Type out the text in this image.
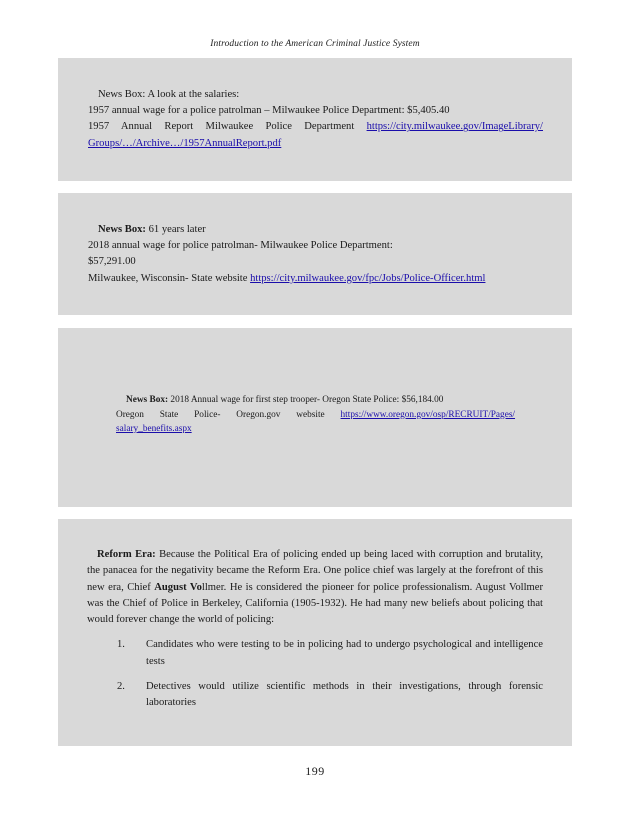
Introduction to the American Criminal Justice System
News Box: A look at the salaries:
1957 annual wage for a police patrolman – Milwaukee Police Department: $5,405.40
1957 Annual Report Milwaukee Police Department https://city.milwaukee.gov/ImageLibrary/
Groups/…/Archive…/1957AnnualReport.pdf
News Box: 61 years later
2018 annual wage for police patrolman- Milwaukee Police Department:
$57,291.00
Milwaukee, Wisconsin- State website https://city.milwaukee.gov/fpc/Jobs/Police-Officer.html
News Box: 2018 Annual wage for first step trooper- Oregon State Police: $56,184.00
Oregon State Police- Oregon.gov website https://www.oregon.gov/osp/RECRUIT/Pages/
salary_benefits.aspx
Reform Era: Because the Political Era of policing ended up being laced with corruption and brutality, the panacea for the negativity became the Reform Era. One police chief was largely at the forefront of this new era, Chief August Vollmer. He is considered the pioneer for police professionalism. August Vollmer was the Chief of Police in Berkeley, California (1905-1932). He had many new beliefs about policing that would forever change the world of policing:
1.	Candidates who were testing to be in policing had to undergo psychological and intelligence tests
2.	Detectives would utilize scientific methods in their investigations, through forensic laboratories
199
